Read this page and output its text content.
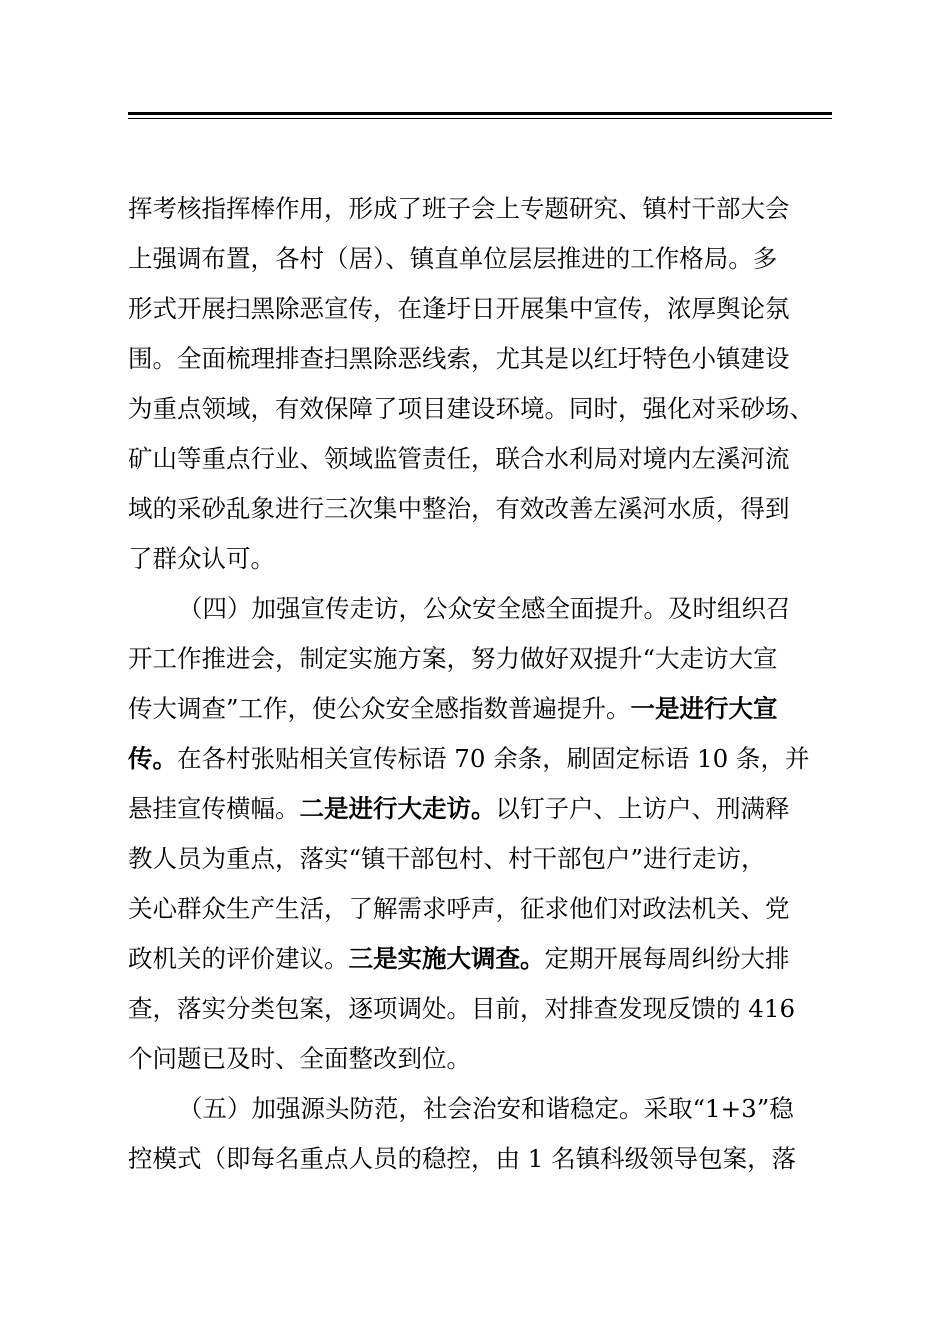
挥考核指挥棒作用，形成了班子会上专题研究、镇村干部大会
上强调布置，各村（居）、镇直单位层层推进的工作格局。多
形式开展扫黑除恶宣传，在逢圩日开展集中宣传，浓厚舆论氛
围。全面梳理排查扫黑除恶线索，尤其是以红圩特色小镇建设
为重点领域，有效保障了项目建设环境。同时，强化对采砂场、
矿山等重点行业、领域监管责任，联合水利局对境内左溪河流
域的采砂乱象进行三次集中整治，有效改善左溪河水质，得到
了群众认可。
（四）加强宣传走访，公众安全感全面提升。及时组织召
开工作推进会，制定实施方案，努力做好双提升“大走访大宣
传大调查”工作，使公众安全感指数普遍提升。一是进行大宣
传。在各村张贴相关宣传标语 70 余条，刷固定标语 10 条，并
悬挂宣传横幅。二是进行大走访。以钉子户、上访户、刑满释
教人员为重点，落实“镇干部包村、村干部包户”进行走访，
关心群众生产生活，了解需求呼声，征求他们对政法机关、党
政机关的评价建议。三是实施大调查。定期开展每周纠纷大排
查，落实分类包案，逐项调处。目前，对排查发现反馈的 416
个问题已及时、全面整改到位。
（五）加强源头防范，社会治安和谐稳定。采取“1+3”稳
控模式（即每名重点人员的稳控，由 1 名镇科级领导包案，落
